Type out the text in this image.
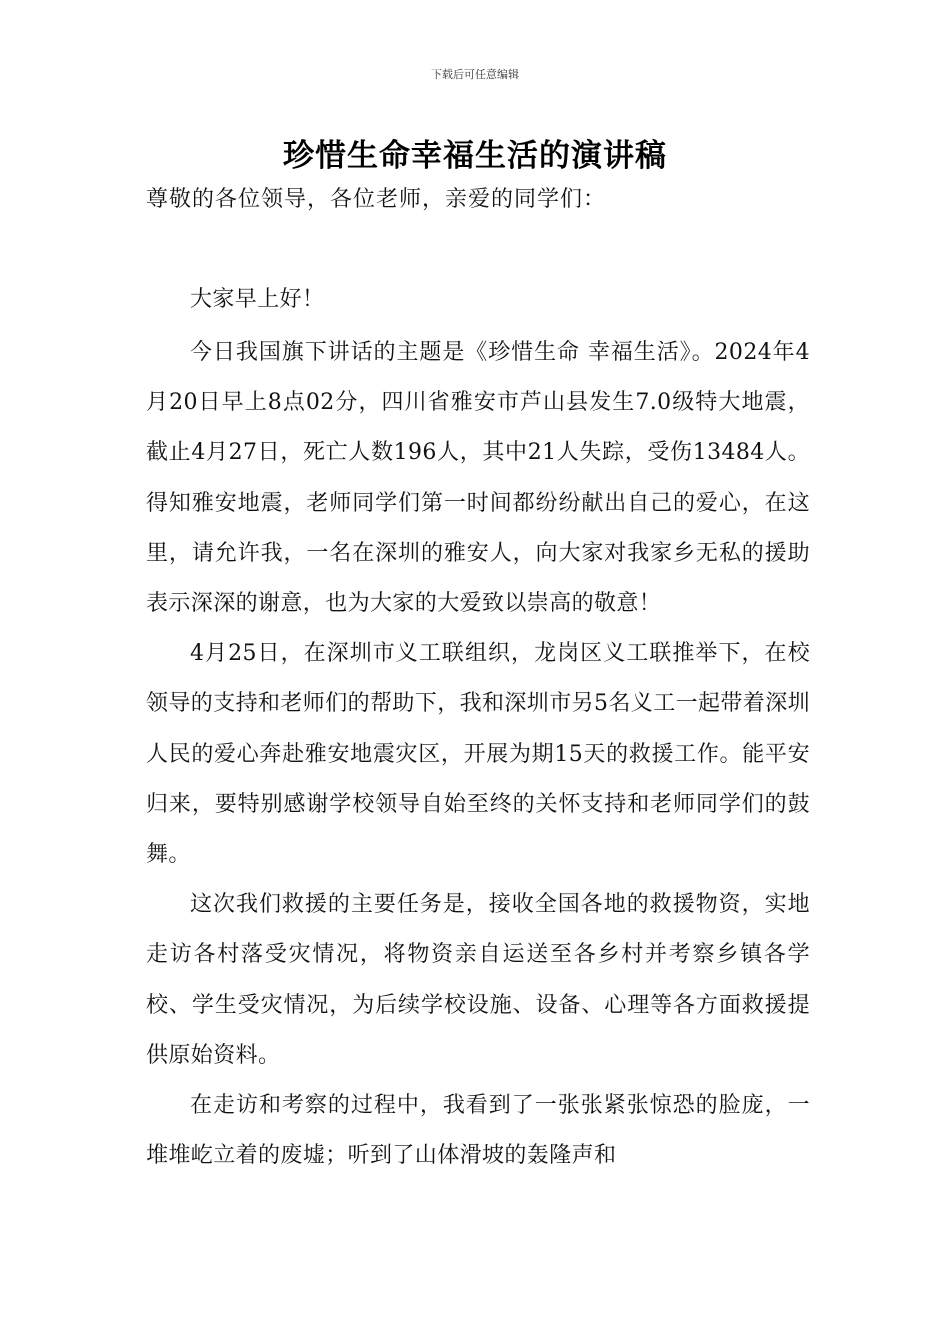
下载后可任意编辑
珍惜生命幸福生活的演讲稿
尊敬的各位领导，各位老师，亲爱的同学们：

大家早上好！

今日我国旗下讲话的主题是《珍惜生命 幸福生活》。2024年4月20日早上8点02分，四川省雅安市芦山县发生7.0级特大地震，截止4月27日，死亡人数196人，其中21人失踪，受伤13484人。得知雅安地震，老师同学们第一时间都纷纷献出自己的爱心，在这里，请允许我，一名在深圳的雅安人，向大家对我家乡无私的援助表示深深的谢意，也为大家的大爱致以崇高的敬意！

4月25日，在深圳市义工联组织，龙岗区义工联推举下，在校领导的支持和老师们的帮助下，我和深圳市另5名义工一起带着深圳人民的爱心奔赴雅安地震灾区，开展为期15天的救援工作。能平安归来，要特别感谢学校领导自始至终的关怀支持和老师同学们的鼓舞。

这次我们救援的主要任务是，接收全国各地的救援物资，实地走访各村落受灾情况，将物资亲自运送至各乡村并考察乡镇各学校、学生受灾情况，为后续学校设施、设备、心理等各方面救援提供原始资料。

在走访和考察的过程中，我看到了一张张紧张惊恐的脸庞，一堆堆屹立着的废墟；听到了山体滑坡的轰隆声和
